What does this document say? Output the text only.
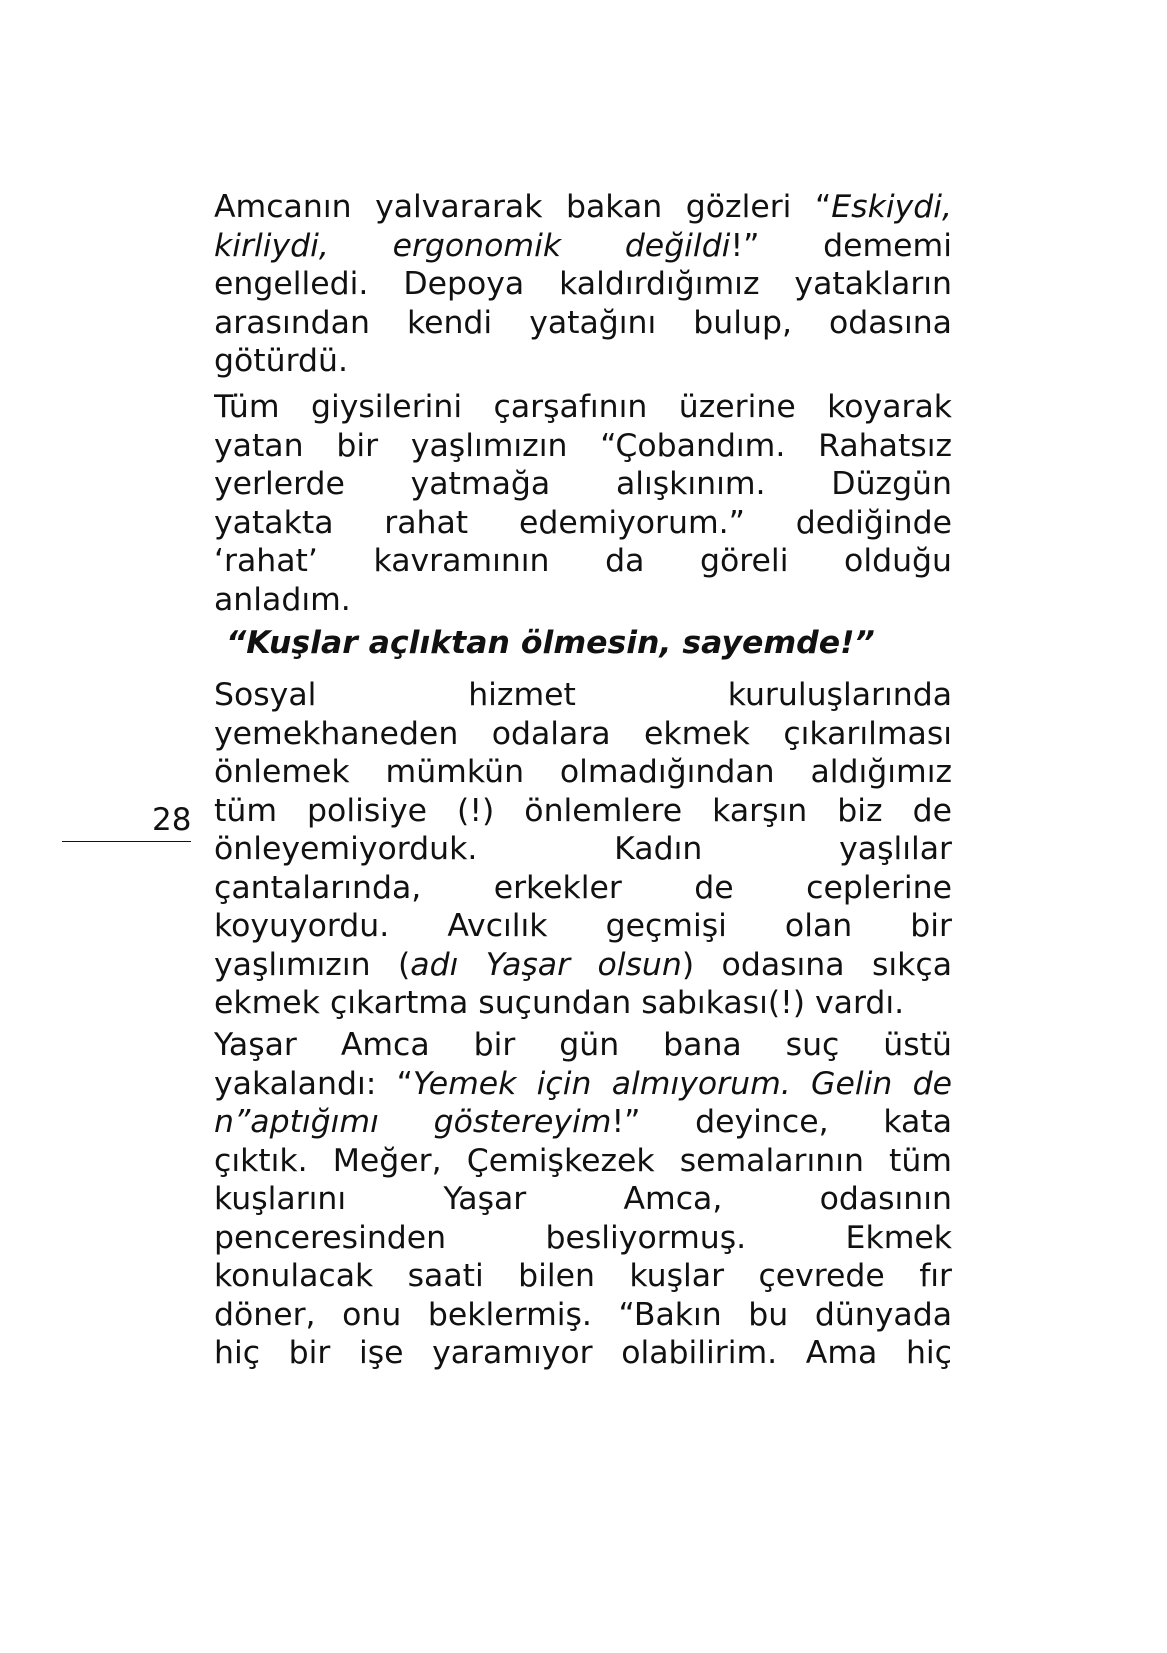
Amcanın yalvararak bakan gözleri “Eskiydi,
kirliydi, ergonomik değildi!” dememi
engelledi. Depoya kaldırdığımız yatakların
arasından kendi yatağını bulup, odasına
götürdü.
Tüm giysilerini çarşafının üzerine koyarak
yatan bir yaşlımızın “Çobandım. Rahatsız
yerlerde yatmağa alışkınım. Düzgün
yatakta rahat edemiyorum.” dediğinde
‘rahat’ kavramının da göreli olduğu
anladım.
“Kuşlar açlıktan ölmesin, sayemde!”
Sosyal hizmet kuruluşlarında
yemekhaneden odalara ekmek çıkarılması
önlemek mümkün olmadığından aldığımız
tüm polisiye (!) önlemlere karşın biz de
önleyemiyorduk. Kadın yaşlılar
çantalarında, erkekler de ceplerine
koyuyordu. Avcılık geçmişi olan bir
yaşlımızın (adı Yaşar olsun) odasına sıkça
ekmek çıkartma suçundan sabıkası(!) vardı.
Yaşar Amca bir gün bana suç üstü
yakalandı: “Yemek için almıyorum. Gelin de
n”aptığımı göstereyim!” deyince, kata
çıktık. Meğer, Çemişkezek semalarının tüm
kuşlarını Yaşar Amca, odasının
penceresinden besliyormuş. Ekmek
konulacak saati bilen kuşlar çevrede fır
döner, onu beklermiş. “Bakın bu dünyada
hiç bir işe yaramıyor olabilirim. Ama hiç
28
